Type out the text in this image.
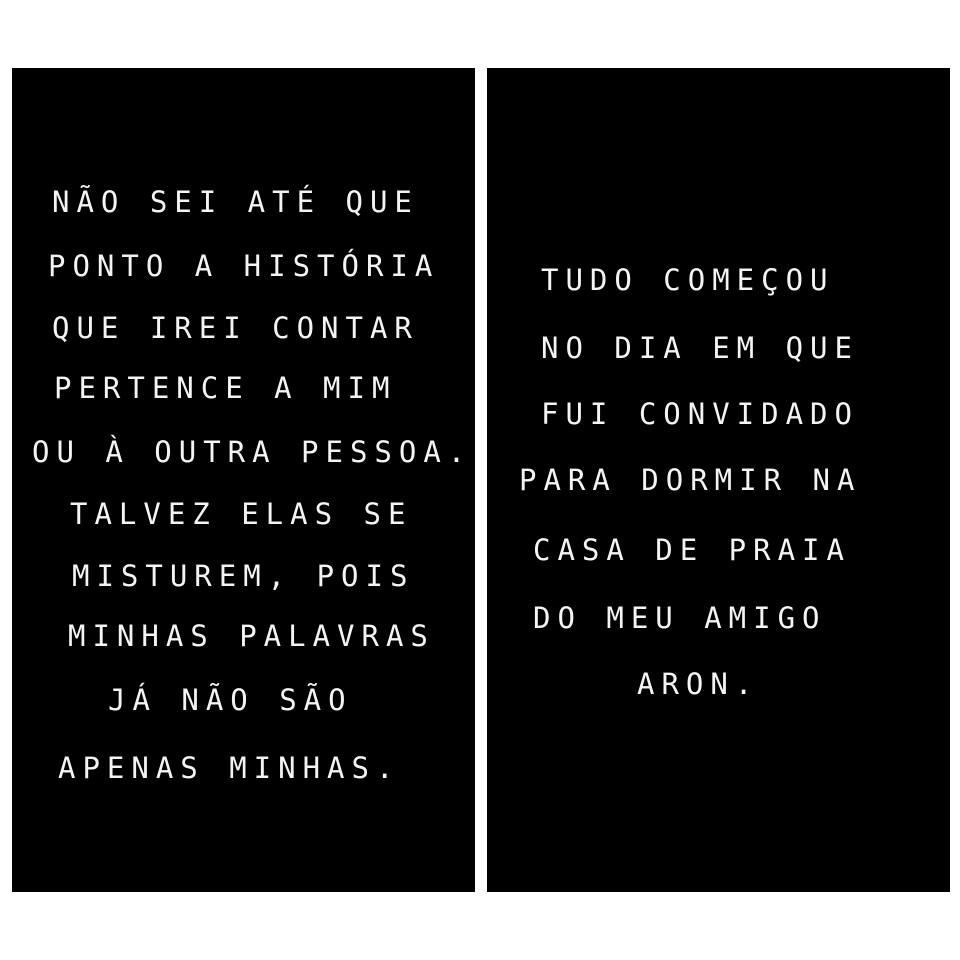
NÃO SEI ATÉ QUE
PONTO A HISTÓRIA
QUE IREI CONTAR
PERTENCE A MIM
OU À OUTRA PESSOA.
TALVEZ ELAS SE
MISTUREM, POIS
MINHAS PALAVRAS
JÁ NÃO SÃO
APENAS MINHAS.
TUDO COMEÇOU
NO DIA EM QUE
FUI CONVIDADO
PARA DORMIR NA
CASA DE PRAIA
DO MEU AMIGO
ARON.
